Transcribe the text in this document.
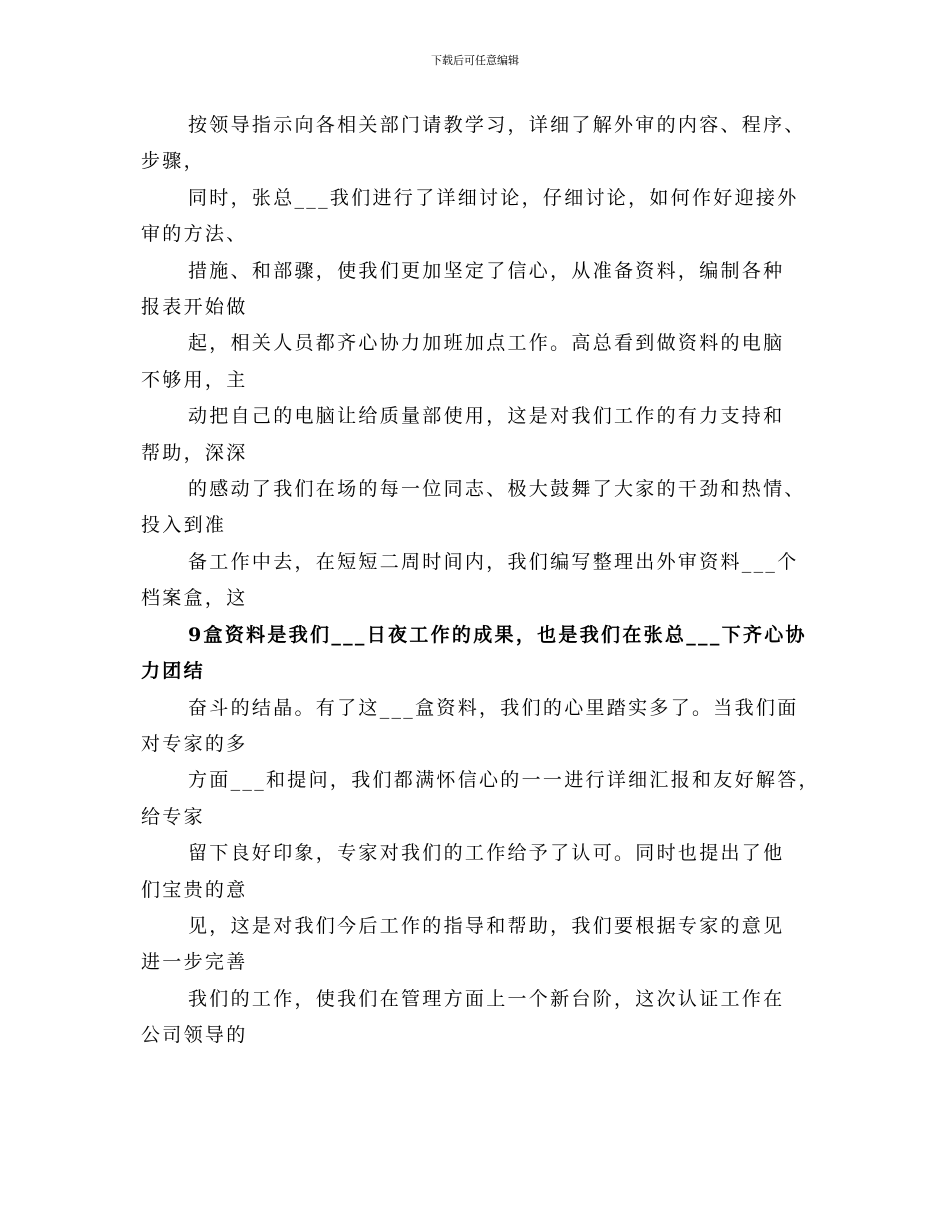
下载后可任意编辑

按领导指示向各相关部门请教学习，详细了解外审的内容、程序、
步骤，

同时，张总___我们进行了详细讨论，仔细讨论，如何作好迎接外
审的方法、

措施、和部骤，使我们更加坚定了信心，从准备资料，编制各种
报表开始做

起，相关人员都齐心协力加班加点工作。高总看到做资料的电脑
不够用，主

动把自己的电脑让给质量部使用，这是对我们工作的有力支持和
帮助，深深

的感动了我们在场的每一位同志、极大鼓舞了大家的干劲和热情、
投入到准

备工作中去，在短短二周时间内，我们编写整理出外审资料___个
档案盒，这

9盒资料是我们___日夜工作的成果，也是我们在张总___下齐心协
力团结

奋斗的结晶。有了这___盒资料，我们的心里踏实多了。当我们面
对专家的多

方面___和提问，我们都满怀信心的一一进行详细汇报和友好解答，
给专家

留下良好印象，专家对我们的工作给予了认可。同时也提出了他
们宝贵的意

见，这是对我们今后工作的指导和帮助，我们要根据专家的意见
进一步完善

我们的工作，使我们在管理方面上一个新台阶，这次认证工作在
公司领导的
